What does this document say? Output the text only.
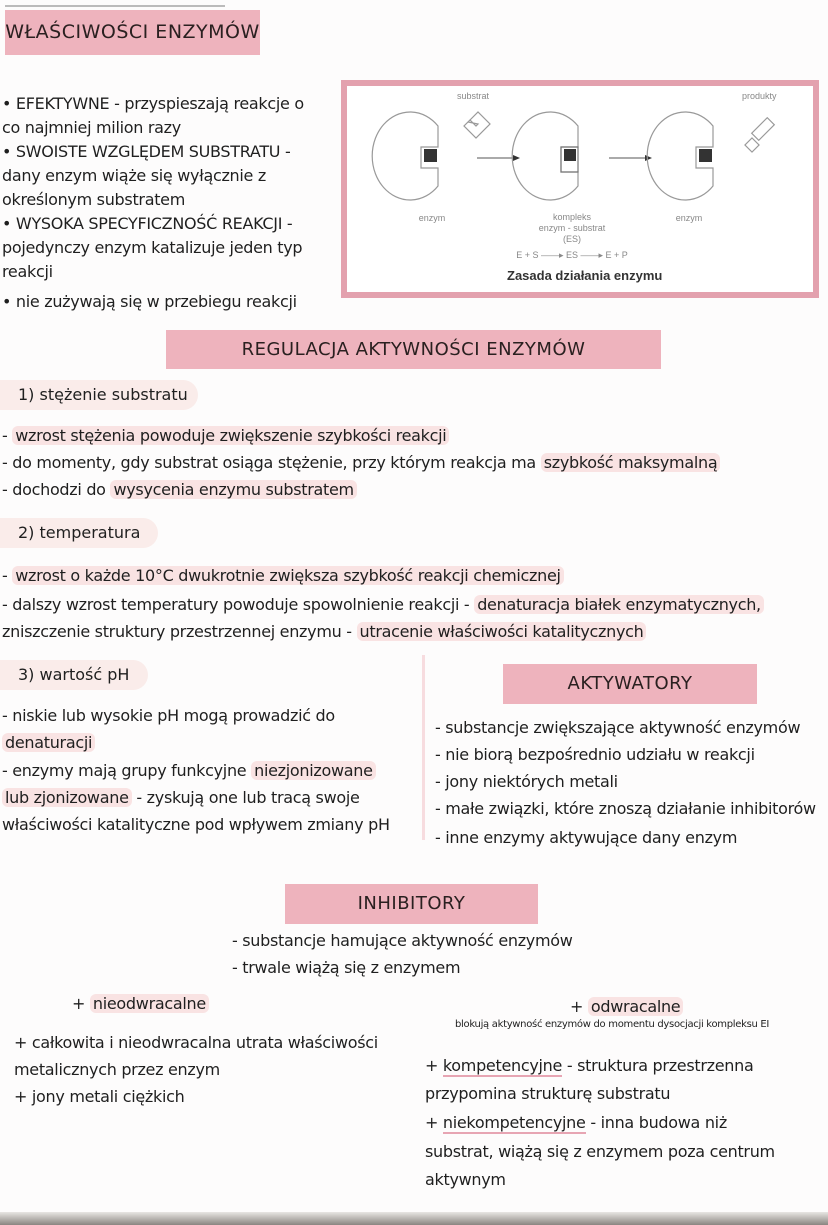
WŁAŚCIWOŚCI ENZYMÓW
• EFEKTYWNE - przyspieszają reakcje o
co najmniej milion razy
• SWOISTE WZGLĘDEM SUBSTRATU -
dany enzym wiąże się wyłącznie z
określonym substratem
• WYSOKA SPECYFICZNOŚĆ REAKCJI -
pojedynczy enzym katalizuje jeden typ
reakcji
• nie zużywają się w przebiegu reakcji
substrat	produkty
enzym	kompleks
enzym - substrat
(ES)
enzym
E + S ——▸ ES ——▸ E + P
Zasada działania enzymu
REGULACJA AKTYWNOŚCI ENZYMÓW
1) stężenie substratu
- wzrost stężenia powoduje zwiększenie szybkości reakcji
- do momenty, gdy substrat osiąga stężenie, przy którym reakcja ma szybkość maksymalną
- dochodzi do wysycenia enzymu substratem
2) temperatura
- wzrost o każde 10°C dwukrotnie zwiększa szybkość reakcji chemicznej
- dalszy wzrost temperatury powoduje spowolnienie reakcji - denaturacja białek enzymatycznych,
zniszczenie struktury przestrzennej enzymu - utracenie właściwości katalitycznych
3) wartość pH
- niskie lub wysokie pH mogą prowadzić do
denaturacji
- enzymy mają grupy funkcyjne niezjonizowane
lub zjonizowane - zyskują one lub tracą swoje
właściwości katalityczne pod wpływem zmiany pH
AKTYWATORY
- substancje zwiększające aktywność enzymów
- nie biorą bezpośrednio udziału w reakcji
- jony niektórych metali
- małe związki, które znoszą działanie inhibitorów
- inne enzymy aktywujące dany enzym
INHIBITORY
- substancje hamujące aktywność enzymów
- trwale wiążą się z enzymem
+ nieodwracalne
+ całkowita i nieodwracalna utrata właściwości
metalicznych przez enzym
+ jony metali ciężkich
+ odwracalne
blokują aktywność enzymów do momentu dysocjacji kompleksu EI
+ kompetencyjne - struktura przestrzenna
przypomina strukturę substratu
+ niekompetencyjne - inna budowa niż
substrat, wiążą się z enzymem poza centrum
aktywnym
